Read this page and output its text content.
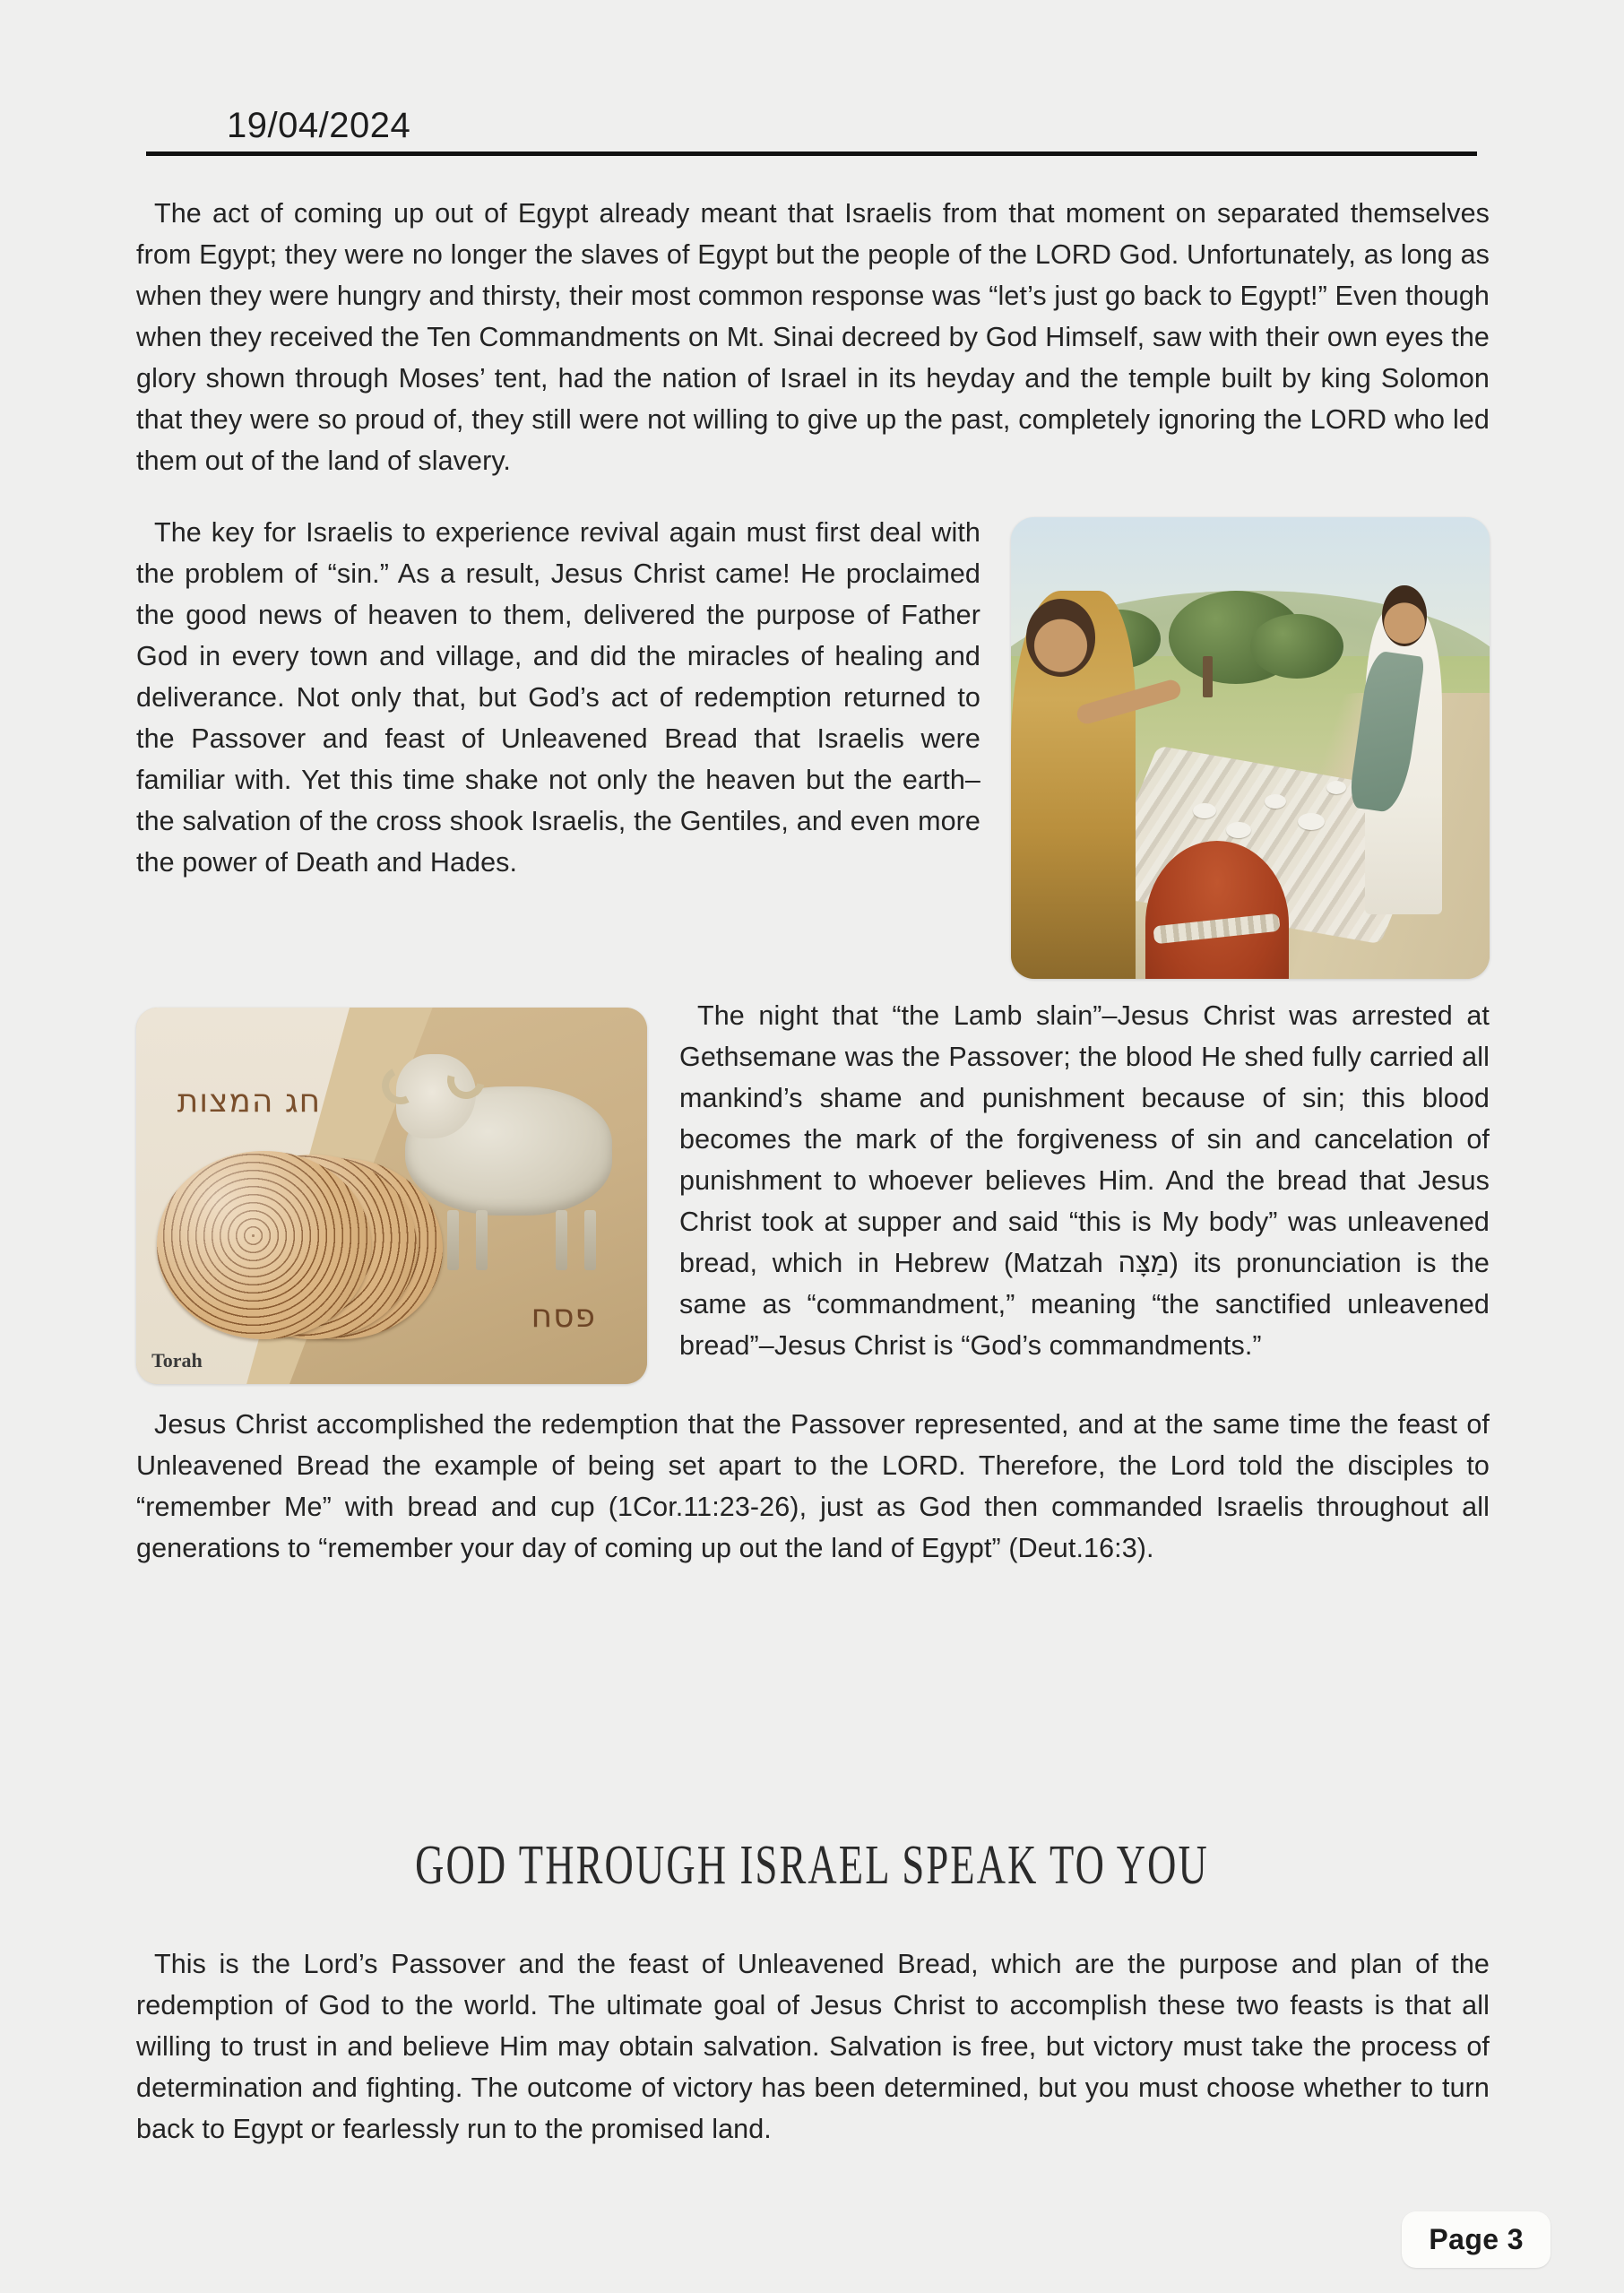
19/04/2024

The act of coming up out of Egypt already meant that Israelis from that moment on separated themselves from Egypt; they were no longer the slaves of Egypt but the people of the LORD God. Unfortunately, as long as when they were hungry and thirsty, their most common response was “let’s just go back to Egypt!” Even though when they received the Ten Commandments on Mt. Sinai decreed by God Himself, saw with their own eyes the glory shown through Moses’ tent, had the nation of Israel in its heyday and the temple built by king Solomon that they were so proud of, they still were not willing to give up the past, completely ignoring the LORD who led them out of the land of slavery.

The key for Israelis to experience revival again must first deal with the problem of “sin.” As a result, Jesus Christ came! He proclaimed the good news of heaven to them, delivered the purpose of Father God in every town and village, and did the miracles of healing and deliverance. Not only that, but God’s act of redemption returned to the Passover and feast of Unleavened Bread that Israelis were familiar with. Yet this time shake not only the heaven but the earth–the salvation of the cross shook Israelis, the Gentiles, and even more the power of Death and Hades.

חג המצות
פסח
Torah

The night that “the Lamb slain”–Jesus Christ was arrested at Gethsemane was the Passover; the blood He shed fully carried all mankind’s shame and punishment because of sin; this blood becomes the mark of the forgiveness of sin and cancelation of punishment to whoever believes Him. And the bread that Jesus Christ took at supper and said “this is My body” was unleavened bread, which in Hebrew (Matzah מַצָּה) its pronunciation is the same as “commandment,” meaning “the sanctified unleavened bread”–Jesus Christ is “God’s commandments.”

Jesus Christ accomplished the redemption that the Passover represented, and at the same time the feast of Unleavened Bread the example of being set apart to the LORD. Therefore, the Lord told the disciples to “remember Me” with bread and cup (1Cor.11:23-26), just as God then commanded Israelis throughout all generations to “remember your day of coming up out the land of Egypt” (Deut.16:3).

GOD THROUGH ISRAEL SPEAK TO YOU

This is the Lord’s Passover and the feast of Unleavened Bread, which are the purpose and plan of the redemption of God to the world. The ultimate goal of Jesus Christ to accomplish these two feasts is that all willing to trust in and believe Him may obtain salvation. Salvation is free, but victory must take the process of determination and fighting. The outcome of victory has been determined, but you must choose whether to turn back to Egypt or fearlessly run to the promised land.

Page 3
